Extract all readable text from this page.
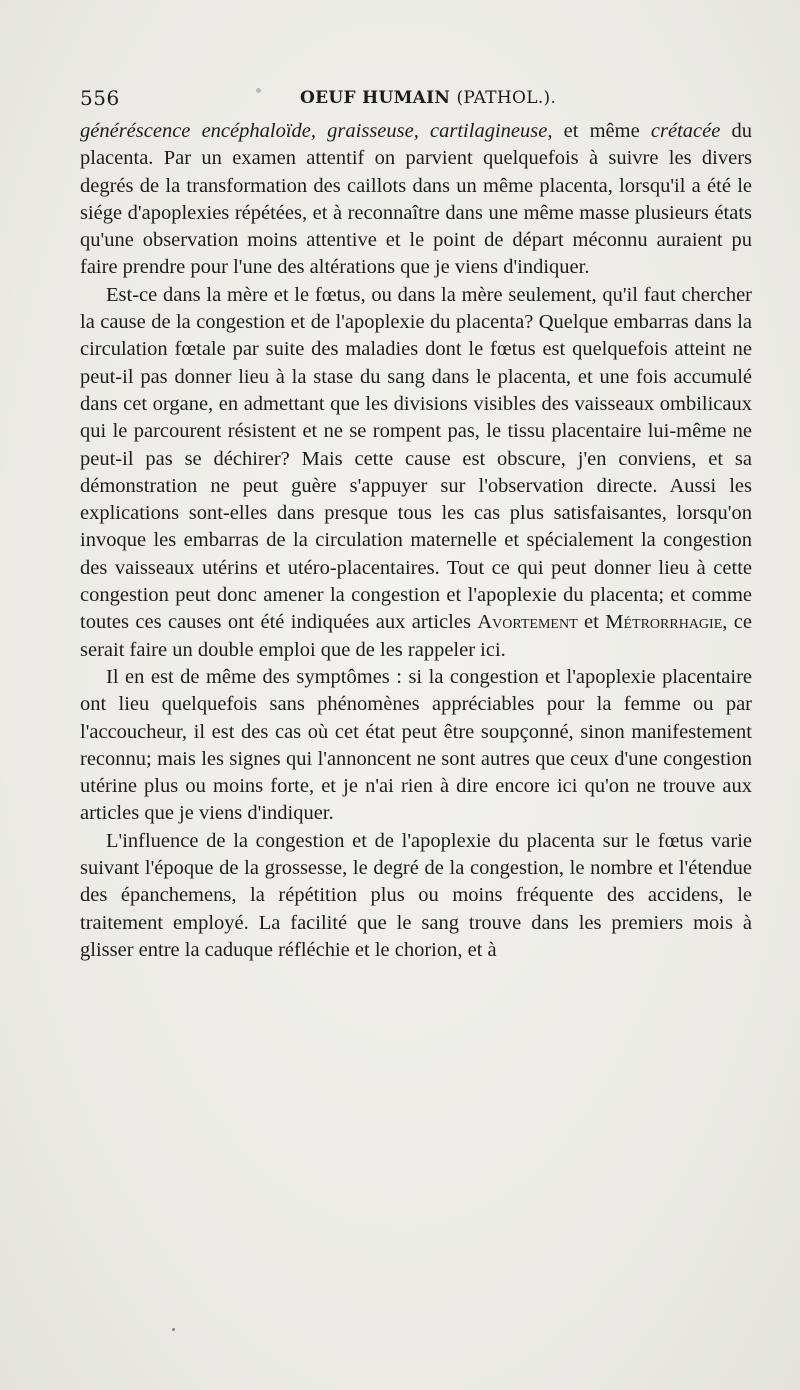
556	OEUF HUMAIN (PATHOL.).

généréscence encéphaloïde, graisseuse, cartilagineuse, et même crétacée du placenta. Par un examen attentif on parvient quelquefois à suivre les divers degrés de la transformation des caillots dans un même placenta, lorsqu'il a été le siége d'apoplexies répétées, et à reconnaître dans une même masse plusieurs états qu'une observation moins attentive et le point de départ méconnu auraient pu faire prendre pour l'une des altérations que je viens d'indiquer.

Est-ce dans la mère et le fœtus, ou dans la mère seulement, qu'il faut chercher la cause de la congestion et de l'apoplexie du placenta? Quelque embarras dans la circulation fœtale par suite des maladies dont le fœtus est quelquefois atteint ne peut-il pas donner lieu à la stase du sang dans le placenta, et une fois accumulé dans cet organe, en admettant que les divisions visibles des vaisseaux ombilicaux qui le parcourent résistent et ne se rompent pas, le tissu placentaire lui-même ne peut-il pas se déchirer? Mais cette cause est obscure, j'en conviens, et sa démonstration ne peut guère s'appuyer sur l'observation directe. Aussi les explications sont-elles dans presque tous les cas plus satisfaisantes, lorsqu'on invoque les embarras de la circulation maternelle et spécialement la congestion des vaisseaux utérins et utéro-placentaires. Tout ce qui peut donner lieu à cette congestion peut donc amener la congestion et l'apoplexie du placenta; et comme toutes ces causes ont été indiquées aux articles Avortement et Métrorrhagie, ce serait faire un double emploi que de les rappeler ici.

Il en est de même des symptômes : si la congestion et l'apoplexie placentaire ont lieu quelquefois sans phénomènes appréciables pour la femme ou par l'accoucheur, il est des cas où cet état peut être soupçonné, sinon manifestement reconnu; mais les signes qui l'annoncent ne sont autres que ceux d'une congestion utérine plus ou moins forte, et je n'ai rien à dire encore ici qu'on ne trouve aux articles que je viens d'indiquer.

L'influence de la congestion et de l'apoplexie du placenta sur le fœtus varie suivant l'époque de la grossesse, le degré de la congestion, le nombre et l'étendue des épanchemens, la répétition plus ou moins fréquente des accidens, le traitement employé. La facilité que le sang trouve dans les premiers mois à glisser entre la caduque réfléchie et le chorion, et à
